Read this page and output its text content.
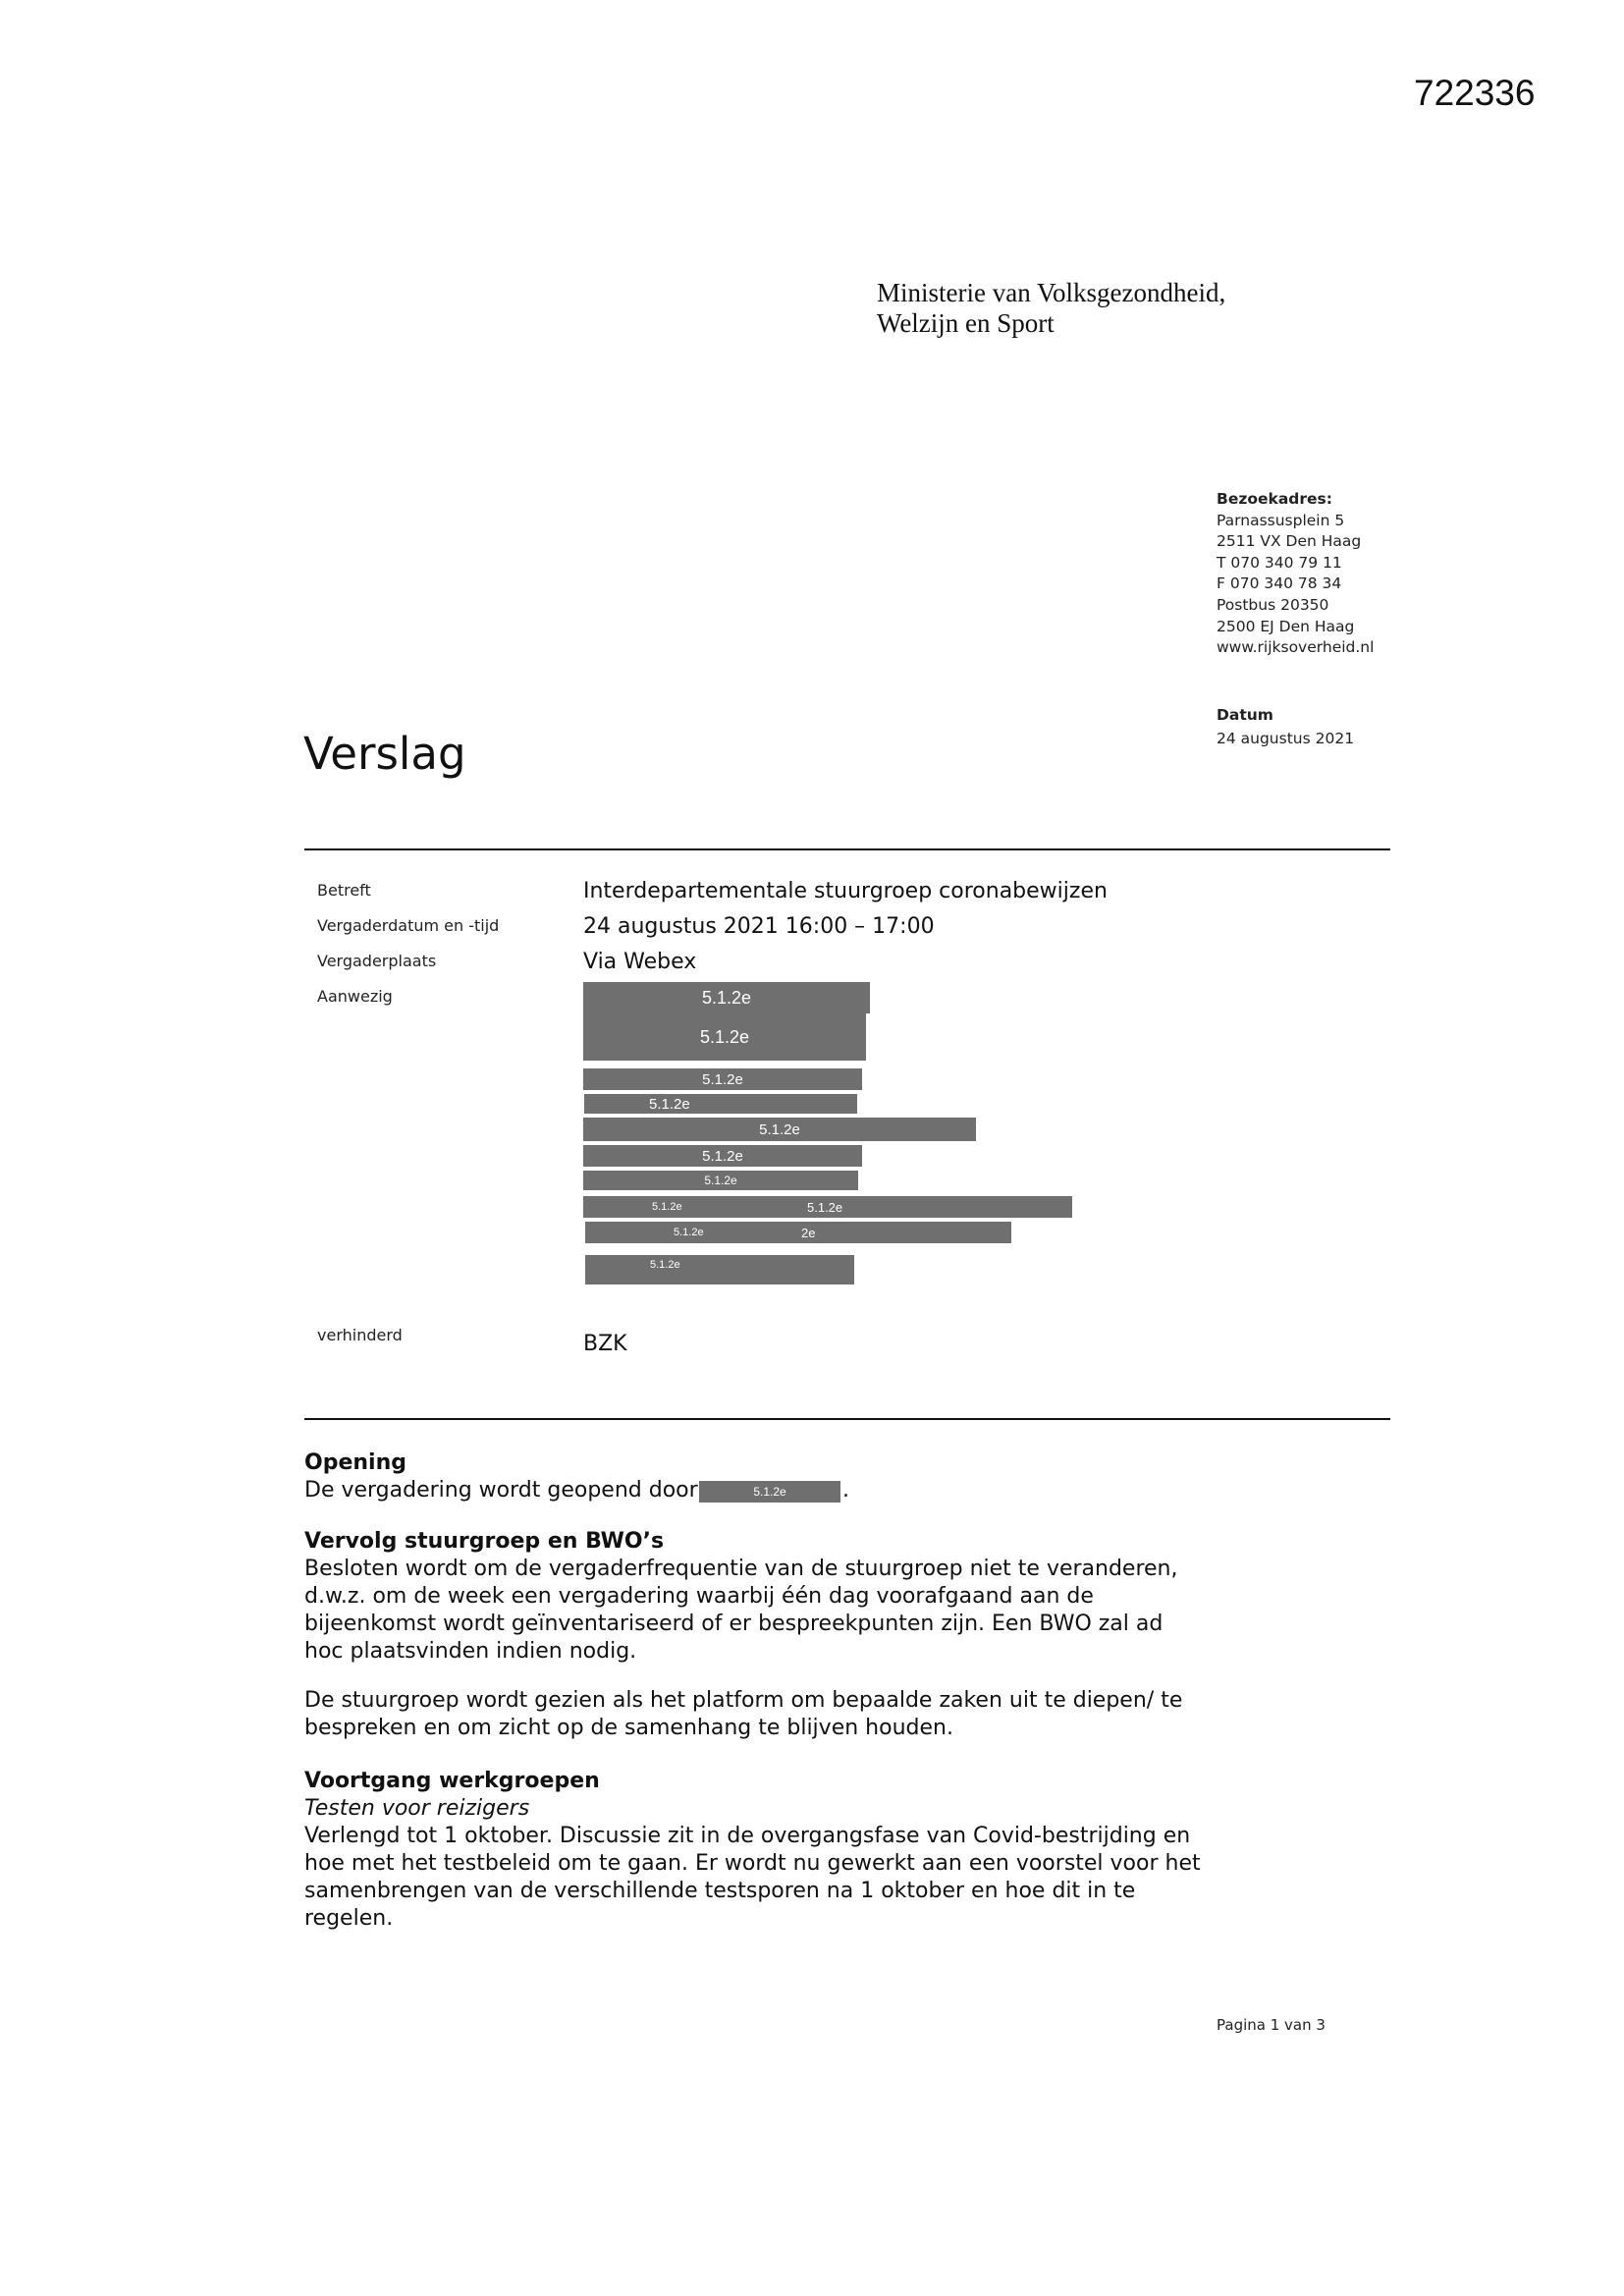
722336
Ministerie van Volksgezondheid,
Welzijn en Sport
Bezoekadres:
Parnassusplein 5
2511 VX Den Haag
T 070 340 79 11
F 070 340 78 34
Postbus 20350
2500 EJ Den Haag
www.rijksoverheid.nl
Datum
24 augustus 2021
Verslag
Betreft	Interdepartementale stuurgroep coronabewijzen
Vergaderdatum en -tijd	24 augustus 2021 16:00 – 17:00
Vergaderplaats	Via Webex
Aanwezig	5.1.2e
5.1.2e
5.1.2e
5.1.2e
5.1.2e
5.1.2e
5.1.2e
5.1.2e	5.1.2e
5.1.2e	2e
5.1.2e
verhinderd	BZK
Opening
De vergadering wordt geopend door	5.1.2e	.
Vervolg stuurgroep en BWO’s
Besloten wordt om de vergaderfrequentie van de stuurgroep niet te veranderen,
d.w.z. om de week een vergadering waarbij één dag voorafgaand aan de
bijeenkomst wordt geïnventariseerd of er bespreekpunten zijn. Een BWO zal ad
hoc plaatsvinden indien nodig.
De stuurgroep wordt gezien als het platform om bepaalde zaken uit te diepen/ te
bespreken en om zicht op de samenhang te blijven houden.
Voortgang werkgroepen
Testen voor reizigers
Verlengd tot 1 oktober. Discussie zit in de overgangsfase van Covid-bestrijding en
hoe met het testbeleid om te gaan. Er wordt nu gewerkt aan een voorstel voor het
samenbrengen van de verschillende testsporen na 1 oktober en hoe dit in te
regelen.
Pagina 1 van 3
